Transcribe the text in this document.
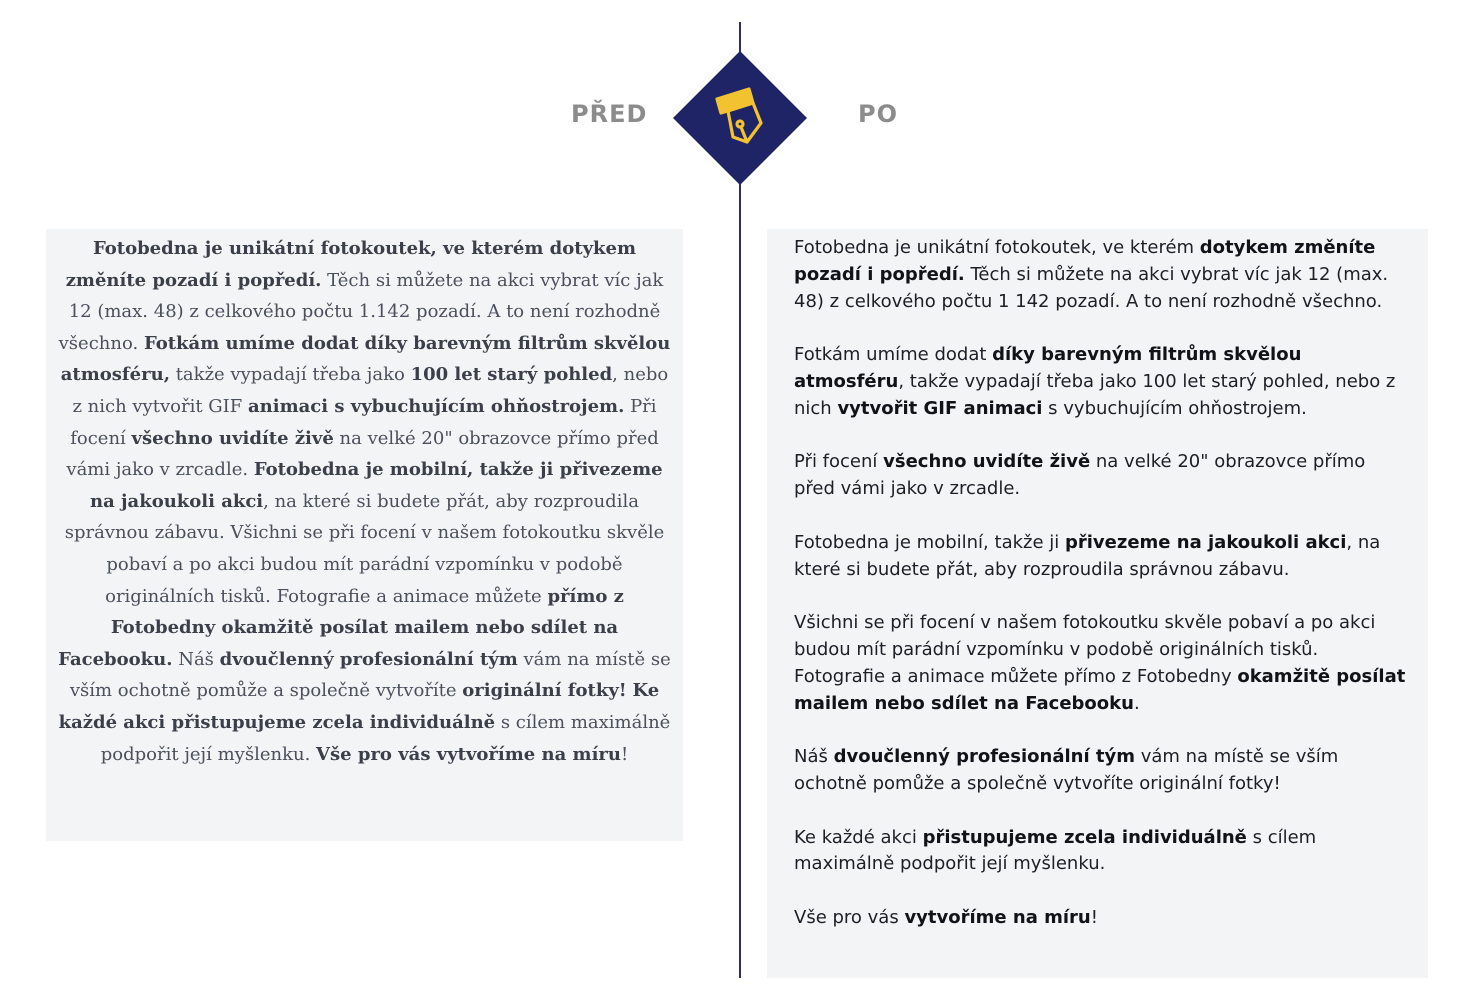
PŘED	PO
Fotobedna je unikátní fotokoutek, ve kterém dotykem změníte pozadí i popředí. Těch si můžete na akci vybrat víc jak 12 (max. 48) z celkového počtu 1.142 pozadí. A to není rozhodně všechno. Fotkám umíme dodat díky barevným filtrům skvělou atmosféru, takže vypadají třeba jako 100 let starý pohled, nebo z nich vytvořit GIF animaci s vybuchujícím ohňostrojem. Při focení všechno uvidíte živě na velké 20" obrazovce přímo před vámi jako v zrcadle. Fotobedna je mobilní, takže ji přivezeme na jakoukoli akci, na které si budete přát, aby rozproudila správnou zábavu. Všichni se při focení v našem fotokoutku skvěle pobaví a po akci budou mít parádní vzpomínku v podobě originálních tisků. Fotografie a animace můžete přímo z Fotobedny okamžitě posílat mailem nebo sdílet na Facebooku. Náš dvoučlenný profesionální tým vám na místě se vším ochotně pomůže a společně vytvoříte originální fotky! Ke každé akci přistupujeme zcela individuálně s cílem maximálně podpořit její myšlenku. Vše pro vás vytvoříme na míru!

Fotobedna je unikátní fotokoutek, ve kterém dotykem změníte pozadí i popředí. Těch si můžete na akci vybrat víc jak 12 (max. 48) z celkového počtu 1 142 pozadí. A to není rozhodně všechno.

Fotkám umíme dodat díky barevným filtrům skvělou atmosféru, takže vypadají třeba jako 100 let starý pohled, nebo z nich vytvořit GIF animaci s vybuchujícím ohňostrojem.

Při focení všechno uvidíte živě na velké 20" obrazovce přímo před vámi jako v zrcadle.

Fotobedna je mobilní, takže ji přivezeme na jakoukoli akci, na které si budete přát, aby rozproudila správnou zábavu.

Všichni se při focení v našem fotokoutku skvěle pobaví a po akci budou mít parádní vzpomínku v podobě originálních tisků. Fotografie a animace můžete přímo z Fotobedny okamžitě posílat mailem nebo sdílet na Facebooku.

Náš dvoučlenný profesionální tým vám na místě se vším ochotně pomůže a společně vytvoříte originální fotky!

Ke každé akci přistupujeme zcela individuálně s cílem maximálně podpořit její myšlenku.

Vše pro vás vytvoříme na míru!
